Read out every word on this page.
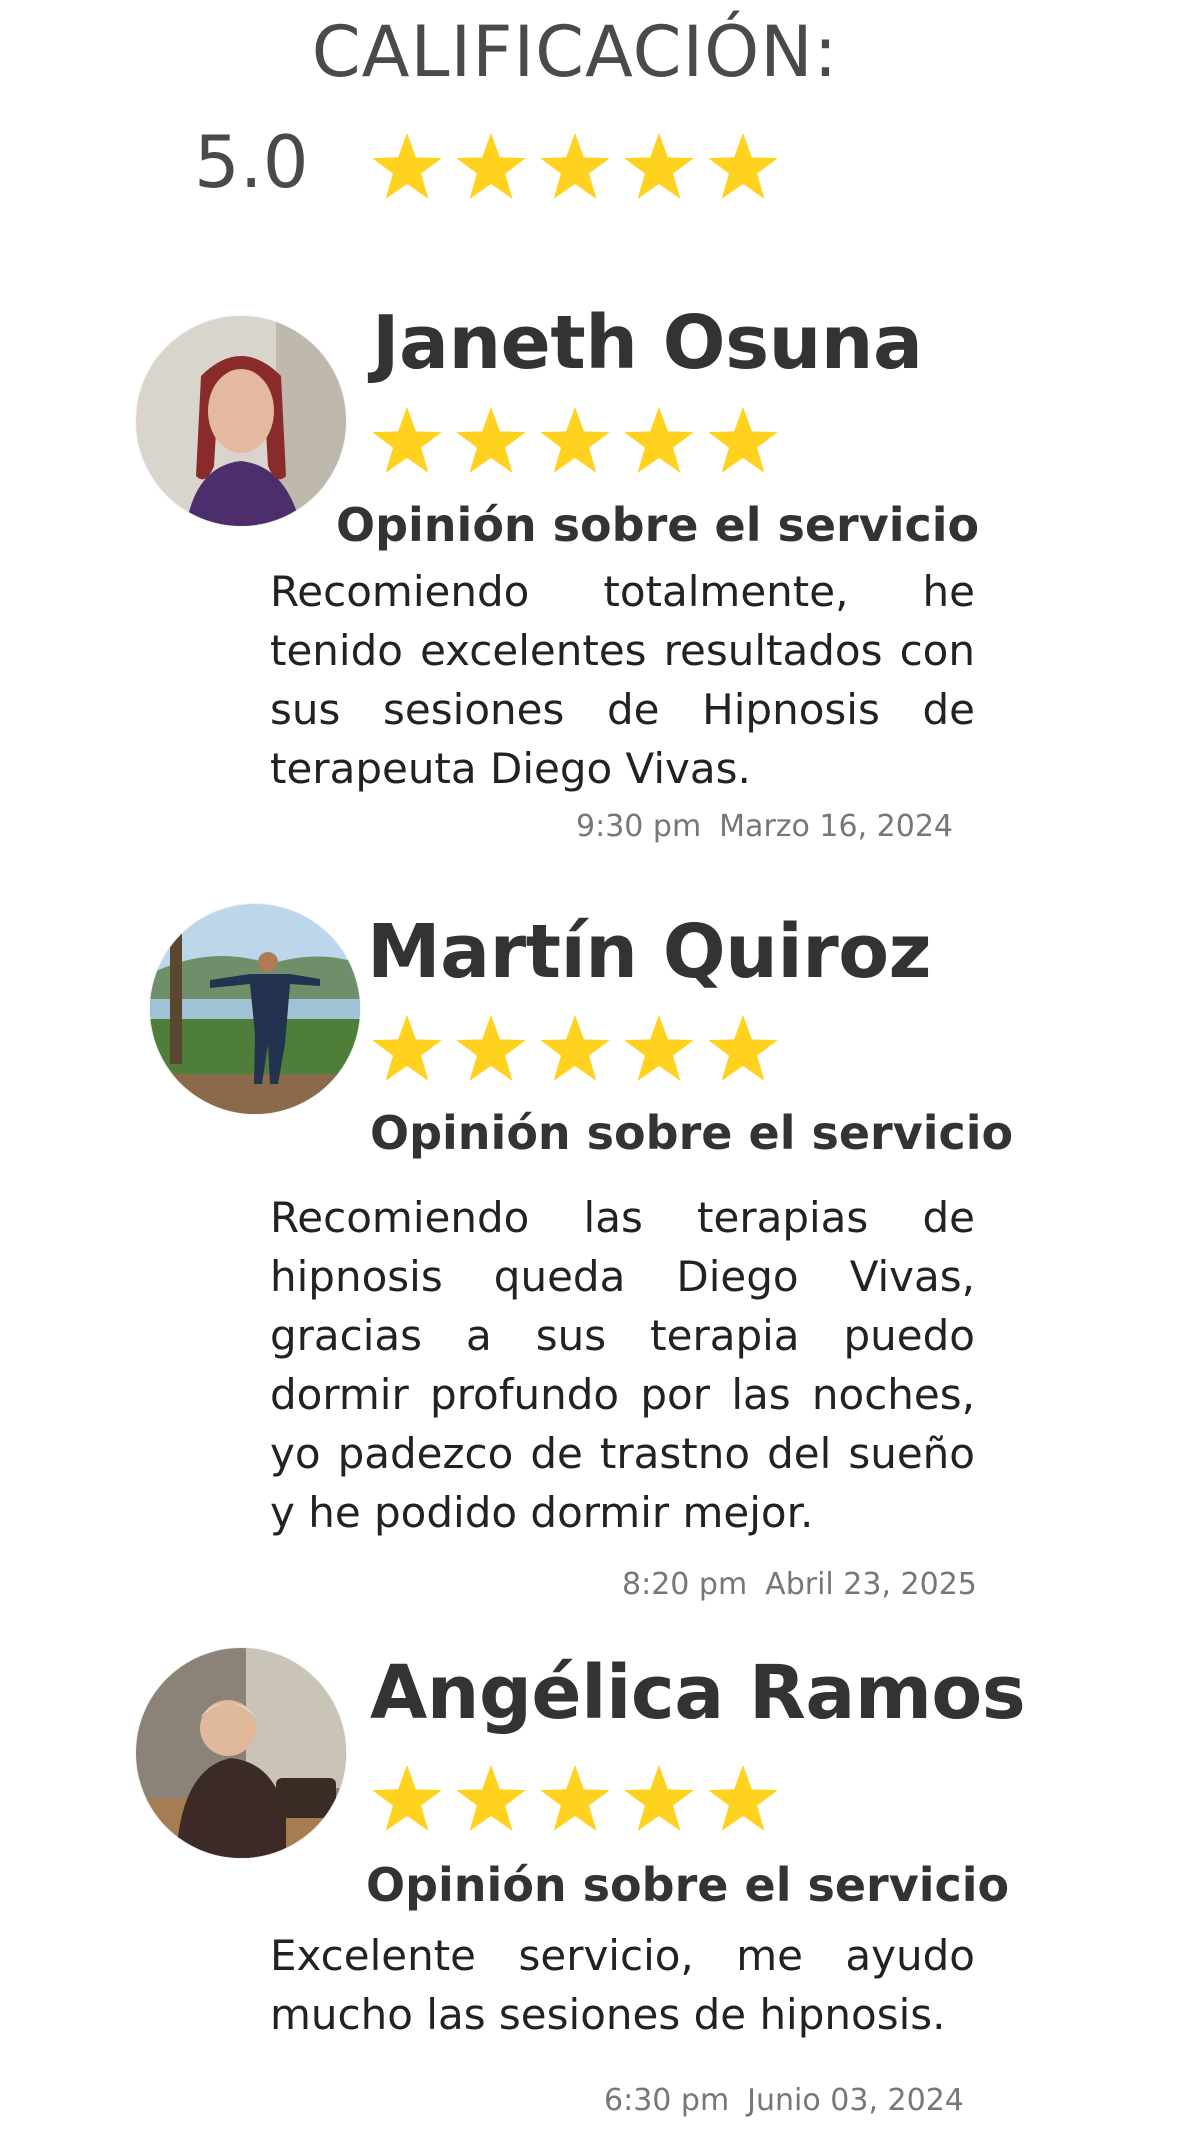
CALIFICACIÓN:
5.0
Janeth Osuna
Opinión sobre el servicio
Recomiendo totalmente, he tenido excelentes resultados con sus sesiones de Hipnosis de terapeuta Diego Vivas.
9:30 pm Marzo 16, 2024
Martín Quiroz
Opinión sobre el servicio
Recomiendo las terapias de hipnosis queda Diego Vivas, gracias a sus terapia puedo dormir profundo por las noches, yo padezco de trastno del sueño y he podido dormir mejor.
8:20 pm Abril 23, 2025
Angélica Ramos
Opinión sobre el servicio
Excelente servicio, me ayudo mucho las sesiones de hipnosis.
6:30 pm Junio 03, 2024
